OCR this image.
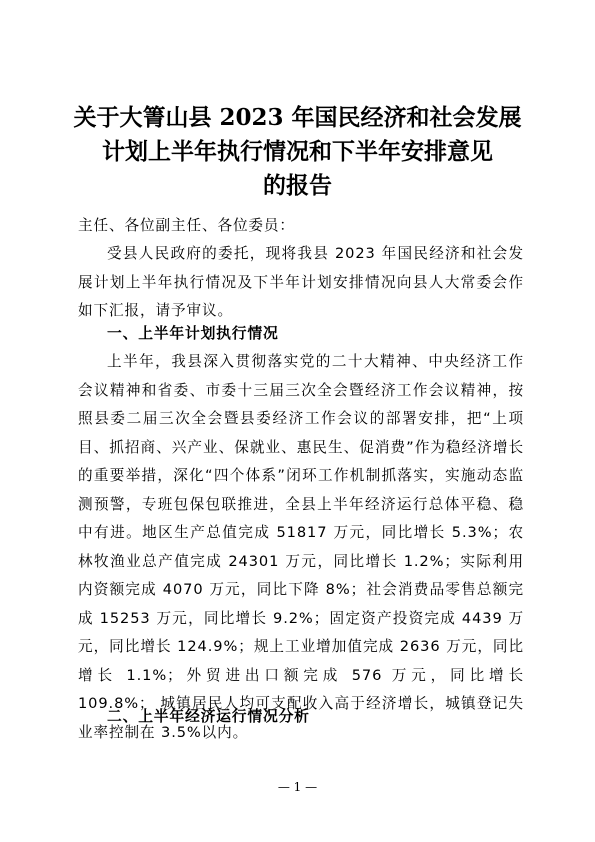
关于大箐山县 2023 年国民经济和社会发展
计划上半年执行情况和下半年安排意见
的报告

主任、各位副主任、各位委员：

受县人民政府的委托，现将我县 2023 年国民经济和社会发展计划上半年执行情况及下半年计划安排情况向县人大常委会作如下汇报，请予审议。

一、上半年计划执行情况

上半年，我县深入贯彻落实党的二十大精神、中央经济工作会议精神和省委、市委十三届三次全会暨经济工作会议精神，按照县委二届三次全会暨县委经济工作会议的部署安排，把“上项目、抓招商、兴产业、保就业、惠民生、促消费”作为稳经济增长的重要举措，深化“四个体系”闭环工作机制抓落实，实施动态监测预警，专班包保包联推进，全县上半年经济运行总体平稳、稳中有进。地区生产总值完成 51817 万元，同比增长 5.3%；农林牧渔业总产值完成 24301 万元，同比增长 1.2%；实际利用内资额完成 4070 万元，同比下降 8%；社会消费品零售总额完成 15253 万元，同比增长 9.2%；固定资产投资完成 4439 万元，同比增长 124.9%；规上工业增加值完成 2636 万元，同比增长 1.1%；外贸进出口额完成 576 万元，同比增长 109.8%； 城镇居民人均可支配收入高于经济增长，城镇登记失业率控制在 3.5%以内。

二、上半年经济运行情况分析
— 1 —
